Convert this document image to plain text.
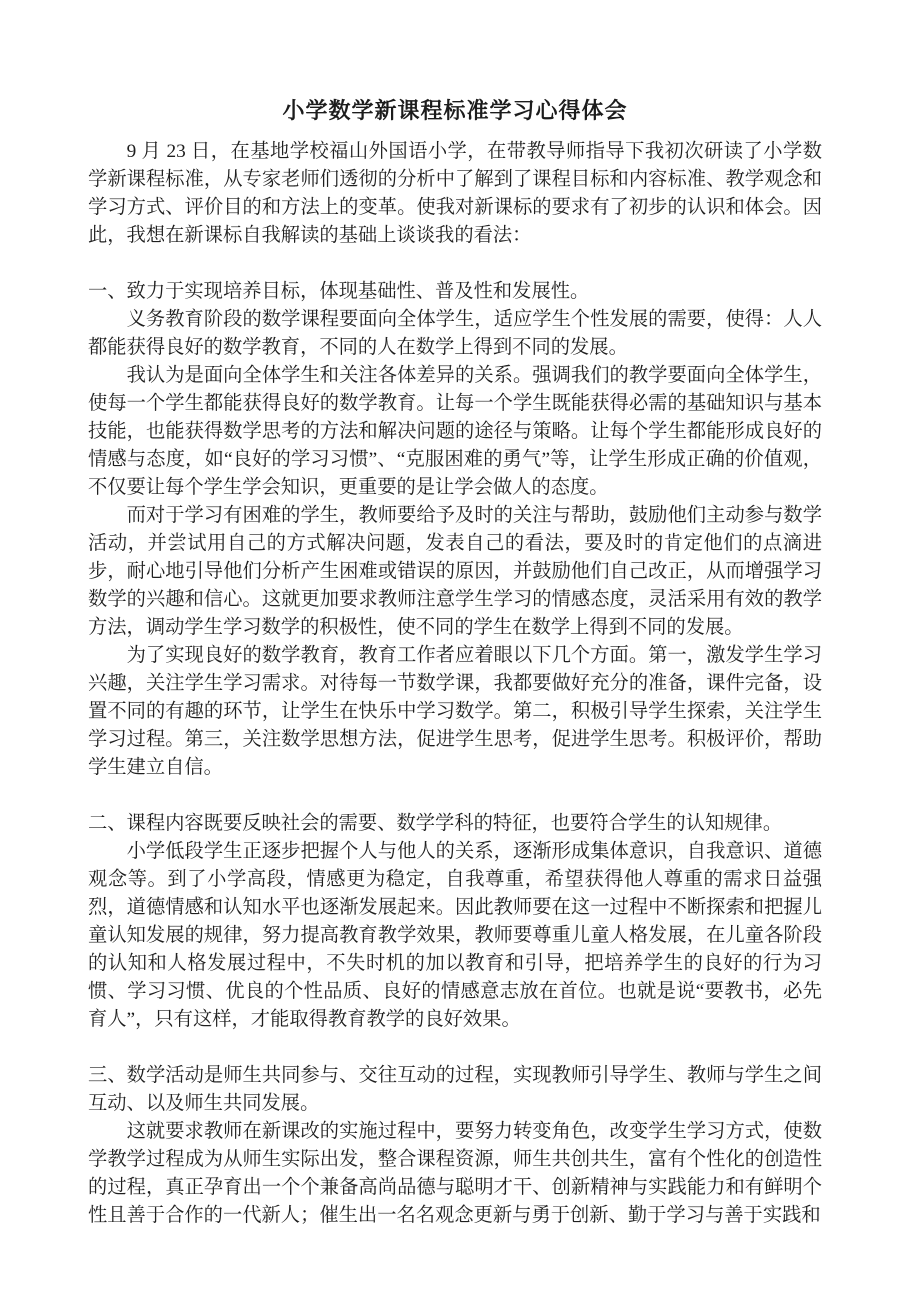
小学数学新课程标准学习心得体会

9 月 23 日，在基地学校福山外国语小学，在带教导师指导下我初次研读了小学数学新课程标准，从专家老师们透彻的分析中了解到了课程目标和内容标准、教学观念和学习方式、评价目的和方法上的变革。使我对新课标的要求有了初步的认识和体会。因此，我想在新课标自我解读的基础上谈谈我的看法：

一、致力于实现培养目标，体现基础性、普及性和发展性。

义务教育阶段的数学课程要面向全体学生，适应学生个性发展的需要，使得：人人都能获得良好的数学教育，不同的人在数学上得到不同的发展。

我认为是面向全体学生和关注各体差异的关系。强调我们的教学要面向全体学生，使每一个学生都能获得良好的数学教育。让每一个学生既能获得必需的基础知识与基本技能，也能获得数学思考的方法和解决问题的途径与策略。让每个学生都能形成良好的情感与态度，如“良好的学习习惯”、“克服困难的勇气”等，让学生形成正确的价值观，不仅要让每个学生学会知识，更重要的是让学会做人的态度。

而对于学习有困难的学生，教师要给予及时的关注与帮助，鼓励他们主动参与数学活动，并尝试用自己的方式解决问题，发表自己的看法，要及时的肯定他们的点滴进步，耐心地引导他们分析产生困难或错误的原因，并鼓励他们自己改正，从而增强学习数学的兴趣和信心。这就更加要求教师注意学生学习的情感态度，灵活采用有效的教学方法，调动学生学习数学的积极性，使不同的学生在数学上得到不同的发展。

为了实现良好的数学教育，教育工作者应着眼以下几个方面。第一，激发学生学习兴趣，关注学生学习需求。对待每一节数学课，我都要做好充分的准备，课件完备，设置不同的有趣的环节，让学生在快乐中学习数学。第二，积极引导学生探索，关注学生学习过程。第三，关注数学思想方法，促进学生思考，促进学生思考。积极评价，帮助学生建立自信。

二、课程内容既要反映社会的需要、数学学科的特征，也要符合学生的认知规律。

小学低段学生正逐步把握个人与他人的关系，逐渐形成集体意识，自我意识、道德观念等。到了小学高段，情感更为稳定，自我尊重，希望获得他人尊重的需求日益强烈，道德情感和认知水平也逐渐发展起来。因此教师要在这一过程中不断探索和把握儿童认知发展的规律，努力提高教育教学效果，教师要尊重儿童人格发展，在儿童各阶段的认知和人格发展过程中，不失时机的加以教育和引导，把培养学生的良好的行为习惯、学习习惯、优良的个性品质、良好的情感意志放在首位。也就是说“要教书，必先育人”，只有这样，才能取得教育教学的良好效果。

三、数学活动是师生共同参与、交往互动的过程，实现教师引导学生、教师与学生之间互动、以及师生共同发展。

这就要求教师在新课改的实施过程中，要努力转变角色，改变学生学习方式，使数学教学过程成为从师生实际出发，整合课程资源，师生共创共生，富有个性化的创造性的过程，真正孕育出一个个兼备高尚品德与聪明才干、创新精神与实践能力和有鲜明个性且善于合作的一代新人；催生出一名名观念更新与勇于创新、勤于学习与善于实践和
